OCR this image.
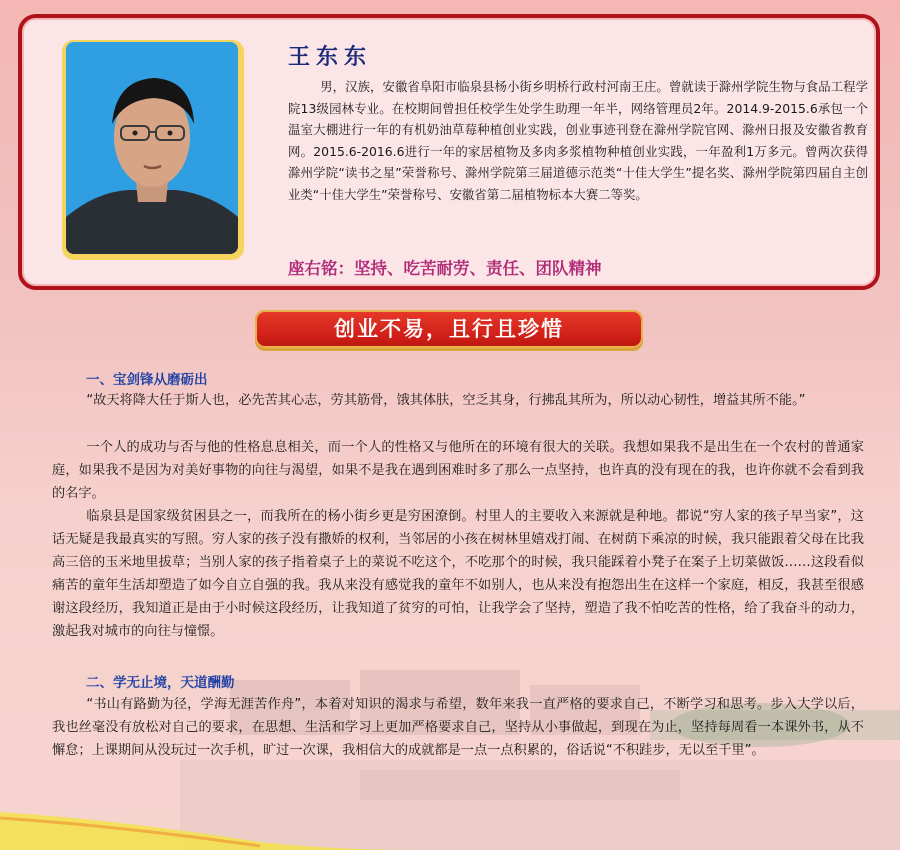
王东东

男，汉族，安徽省阜阳市临泉县杨小街乡明桥行政村河南王庄。曾就读于滁州学院生物与食品工程学院13级园林专业。在校期间曾担任校学生处学生助理一年半，网络管理员2年。2014.9-2015.6承包一个温室大棚进行一年的有机奶油草莓种植创业实践，创业事迹刊登在滁州学院官网、滁州日报及安徽省教育网。2015.6-2016.6进行一年的家居植物及多肉多浆植物种植创业实践，一年盈利1万多元。曾两次获得滁州学院“读书之星”荣誉称号、滁州学院第三届道德示范类“十佳大学生”提名奖、滁州学院第四届自主创业类“十佳大学生”荣誉称号、安徽省第二届植物标本大赛二等奖。

座右铭：坚持、吃苦耐劳、责任、团队精神
创业不易，且行且珍惜
一、宝剑锋从磨砺出

“故天将降大任于斯人也，必先苦其心志，劳其筋骨，饿其体肤，空乏其身，行拂乱其所为，所以动心韧性，增益其所不能。”

一个人的成功与否与他的性格息息相关，而一个人的性格又与他所在的环境有很大的关联。我想如果我不是出生在一个农村的普通家庭，如果我不是因为对美好事物的向往与渴望，如果不是我在遇到困难时多了那么一点坚持，也许真的没有现在的我，也许你就不会看到我的名字。

临泉县是国家级贫困县之一，而我所在的杨小街乡更是穷困潦倒。村里人的主要收入来源就是种地。都说“穷人家的孩子早当家”，这话无疑是我最真实的写照。穷人家的孩子没有撒娇的权利，当邻居的小孩在树林里嬉戏打闹、在树荫下乘凉的时候，我只能跟着父母在比我高三倍的玉米地里拔草；当别人家的孩子指着桌子上的菜说不吃这个，不吃那个的时候，我只能踩着小凳子在案子上切菜做饭……这段看似痛苦的童年生活却塑造了如今自立自强的我。我从来没有感觉我的童年不如别人，也从来没有抱怨出生在这样一个家庭，相反，我甚至很感谢这段经历，我知道正是由于小时候这段经历，让我知道了贫穷的可怕，让我学会了坚持，塑造了我不怕吃苦的性格，给了我奋斗的动力，激起我对城市的向往与憧憬。

二、学无止境，天道酬勤

“书山有路勤为径，学海无涯苦作舟”，本着对知识的渴求与希望，数年来我一直严格的要求自己，不断学习和思考。步入大学以后，我也丝毫没有放松对自己的要求，在思想、生活和学习上更加严格要求自己，坚持从小事做起，到现在为止，坚持每周看一本课外书，从不懈怠；上课期间从没玩过一次手机，旷过一次课，我相信大的成就都是一点一点积累的，俗话说“不积跬步，无以至千里”。
